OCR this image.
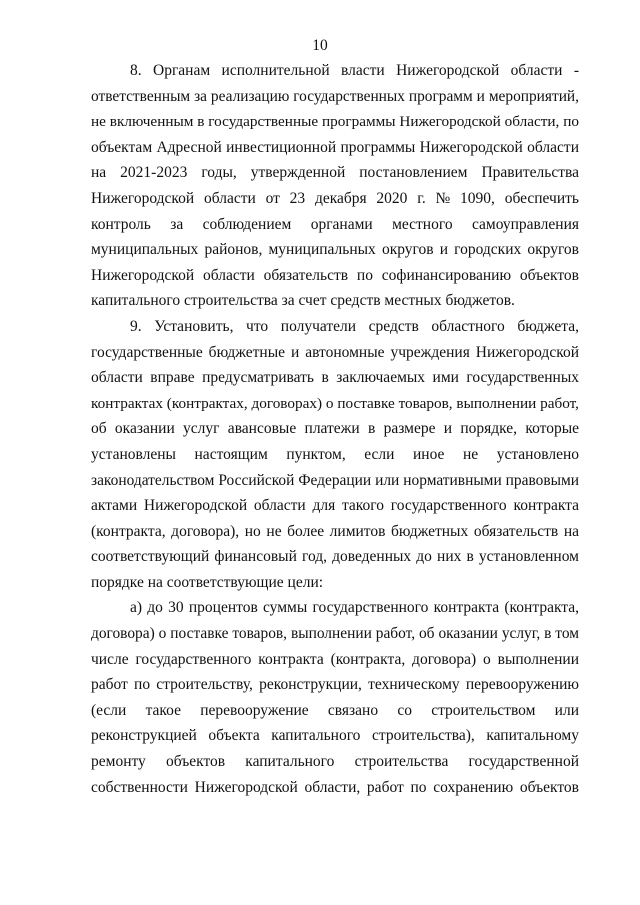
10
8. Органам исполнительной власти Нижегородской области -
ответственным за реализацию государственных программ и мероприятий,
не включенным в государственные программы Нижегородской области, по
объектам Адресной инвестиционной программы Нижегородской области
на 2021-2023 годы, утвержденной постановлением Правительства
Нижегородской области от 23 декабря 2020 г. № 1090, обеспечить
контроль за соблюдением органами местного самоуправления
муниципальных районов, муниципальных округов и городских округов
Нижегородской области обязательств по софинансированию объектов
капитального строительства за счет средств местных бюджетов.
9. Установить, что получатели средств областного бюджета,
государственные бюджетные и автономные учреждения Нижегородской
области вправе предусматривать в заключаемых ими государственных
контрактах (контрактах, договорах) о поставке товаров, выполнении работ,
об оказании услуг авансовые платежи в размере и порядке, которые
установлены настоящим пунктом, если иное не установлено
законодательством Российской Федерации или нормативными правовыми
актами Нижегородской области для такого государственного контракта
(контракта, договора), но не более лимитов бюджетных обязательств на
соответствующий финансовый год, доведенных до них в установленном
порядке на соответствующие цели:
а) до 30 процентов суммы государственного контракта (контракта,
договора) о поставке товаров, выполнении работ, об оказании услуг, в том
числе государственного контракта (контракта, договора) о выполнении
работ по строительству, реконструкции, техническому перевооружению
(если такое перевооружение связано со строительством или
реконструкцией объекта капитального строительства), капитальному
ремонту объектов капитального строительства государственной
собственности Нижегородской области, работ по сохранению объектов
